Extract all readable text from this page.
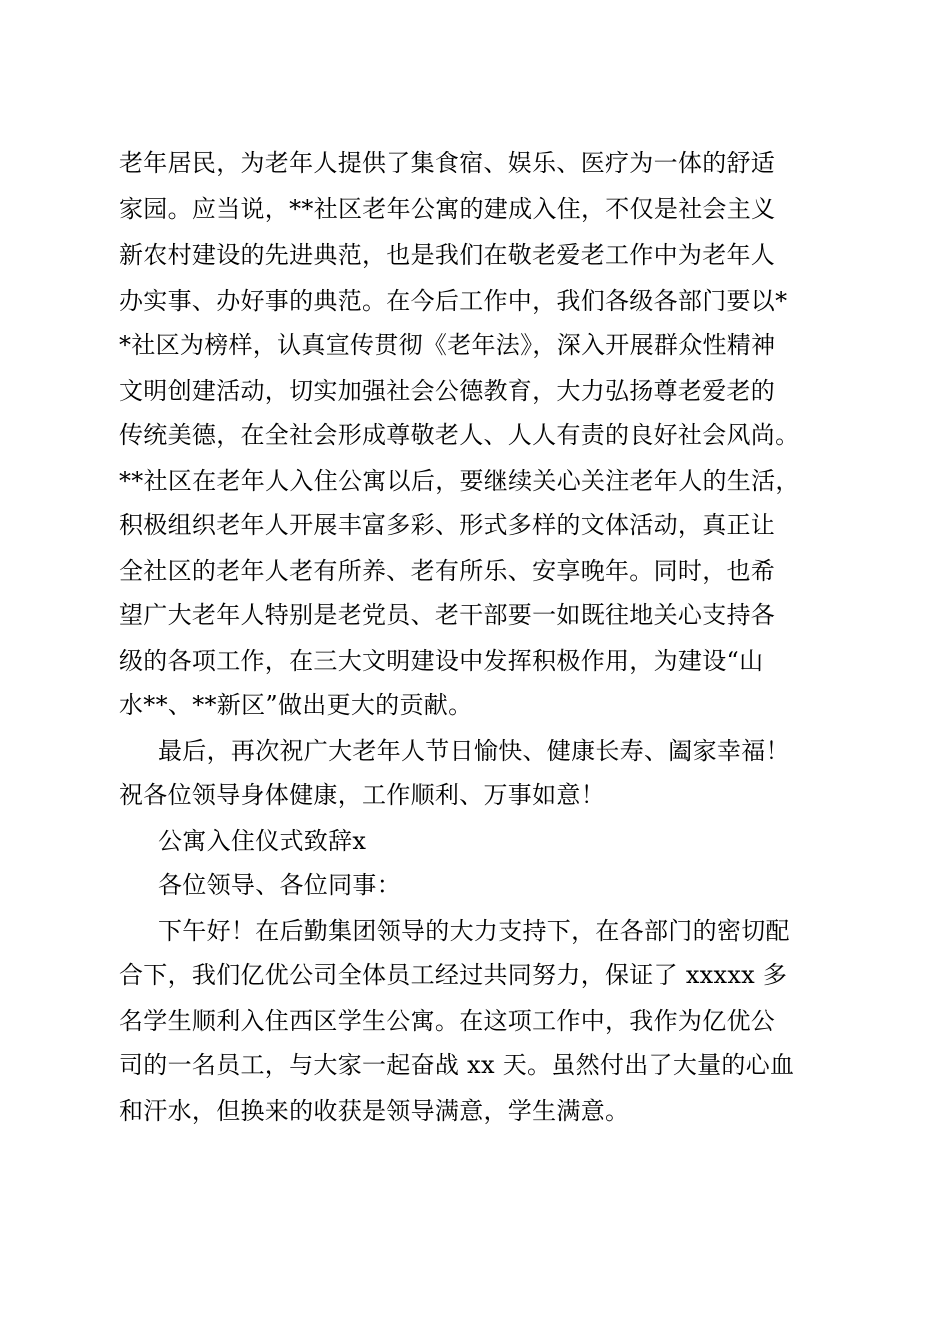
老年居民，为老年人提供了集食宿、娱乐、医疗为一体的舒适
家园。应当说，**社区老年公寓的建成入住，不仅是社会主义
新农村建设的先进典范，也是我们在敬老爱老工作中为老年人
办实事、办好事的典范。在今后工作中，我们各级各部门要以*
*社区为榜样，认真宣传贯彻《老年法》，深入开展群众性精神
文明创建活动，切实加强社会公德教育，大力弘扬尊老爱老的
传统美德，在全社会形成尊敬老人、人人有责的良好社会风尚。
**社区在老年人入住公寓以后，要继续关心关注老年人的生活，
积极组织老年人开展丰富多彩、形式多样的文体活动，真正让
全社区的老年人老有所养、老有所乐、安享晚年。同时，也希
望广大老年人特别是老党员、老干部要一如既往地关心支持各
级的各项工作，在三大文明建设中发挥积极作用，为建设“山
水**、**新区”做出更大的贡献。
最后，再次祝广大老年人节日愉快、健康长寿、阖家幸福！
祝各位领导身体健康，工作顺利、万事如意！
公寓入住仪式致辞x
各位领导、各位同事：
下午好！在后勤集团领导的大力支持下，在各部门的密切配
合下，我们亿优公司全体员工经过共同努力，保证了 xxxxx 多
名学生顺利入住西区学生公寓。在这项工作中，我作为亿优公
司的一名员工，与大家一起奋战 xx 天。虽然付出了大量的心血
和汗水，但换来的收获是领导满意，学生满意。
